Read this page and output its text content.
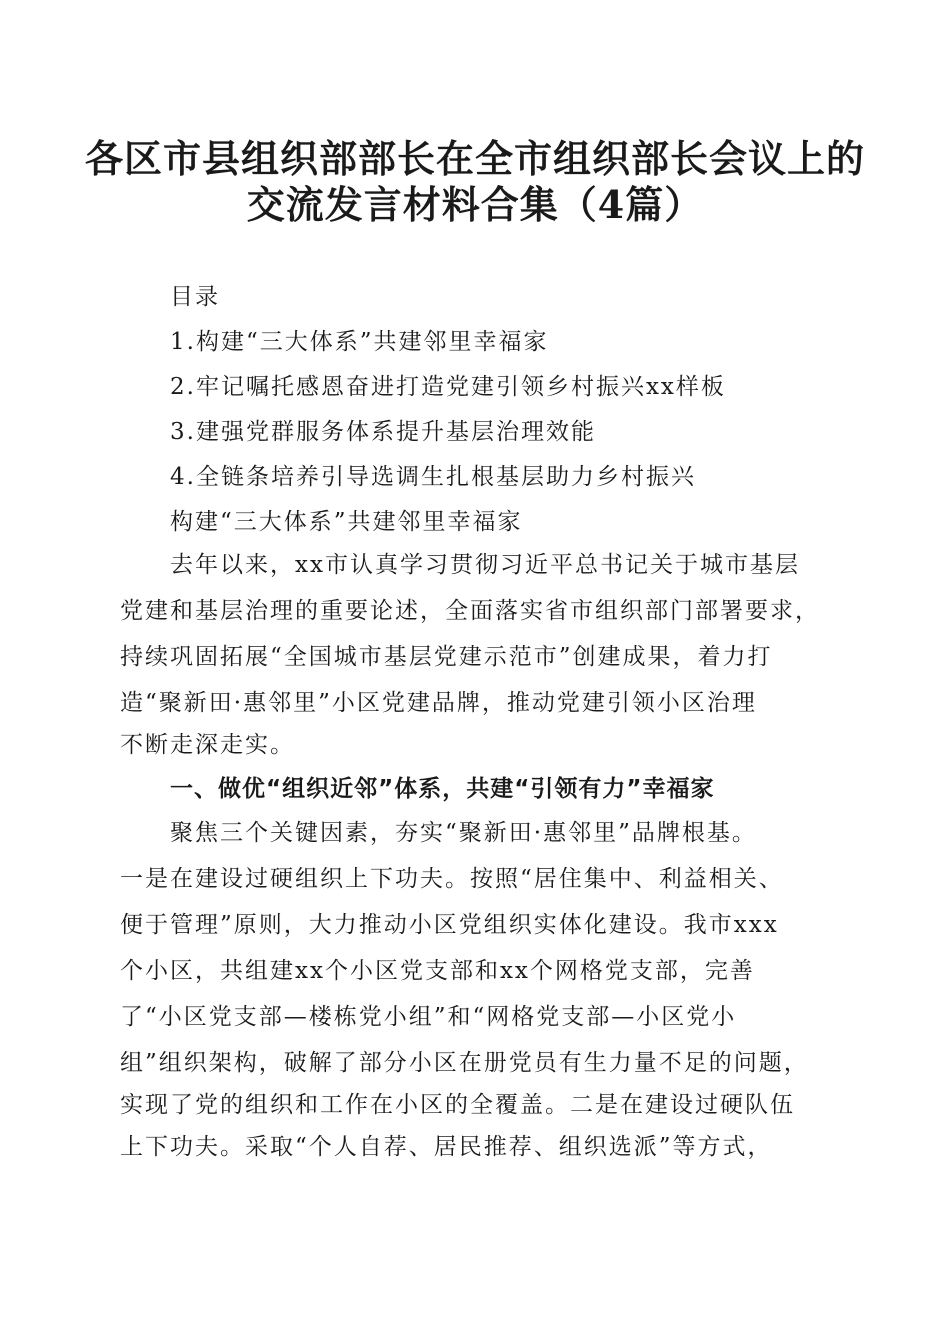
各区市县组织部部长在全市组织部长会议上的
交流发言材料合集（4篇）
目录
1.构建“三大体系”共建邻里幸福家
2.牢记嘱托感恩奋进打造党建引领乡村振兴xx样板
3.建强党群服务体系提升基层治理效能
4.全链条培养引导选调生扎根基层助力乡村振兴
构建“三大体系”共建邻里幸福家
去年以来，xx市认真学习贯彻习近平总书记关于城市基层
党建和基层治理的重要论述，全面落实省市组织部门部署要求，
持续巩固拓展“全国城市基层党建示范市”创建成果，着力打
造“聚新田·惠邻里”小区党建品牌，推动党建引领小区治理
不断走深走实。
一、做优“组织近邻”体系，共建“引领有力”幸福家
聚焦三个关键因素，夯实“聚新田·惠邻里”品牌根基。
一是在建设过硬组织上下功夫。按照“居住集中、利益相关、
便于管理”原则，大力推动小区党组织实体化建设。我市xxx
个小区，共组建xx个小区党支部和xx个网格党支部，完善
了“小区党支部—楼栋党小组”和“网格党支部—小区党小
组”组织架构，破解了部分小区在册党员有生力量不足的问题，
实现了党的组织和工作在小区的全覆盖。二是在建设过硬队伍
上下功夫。采取“个人自荐、居民推荐、组织选派”等方式，
